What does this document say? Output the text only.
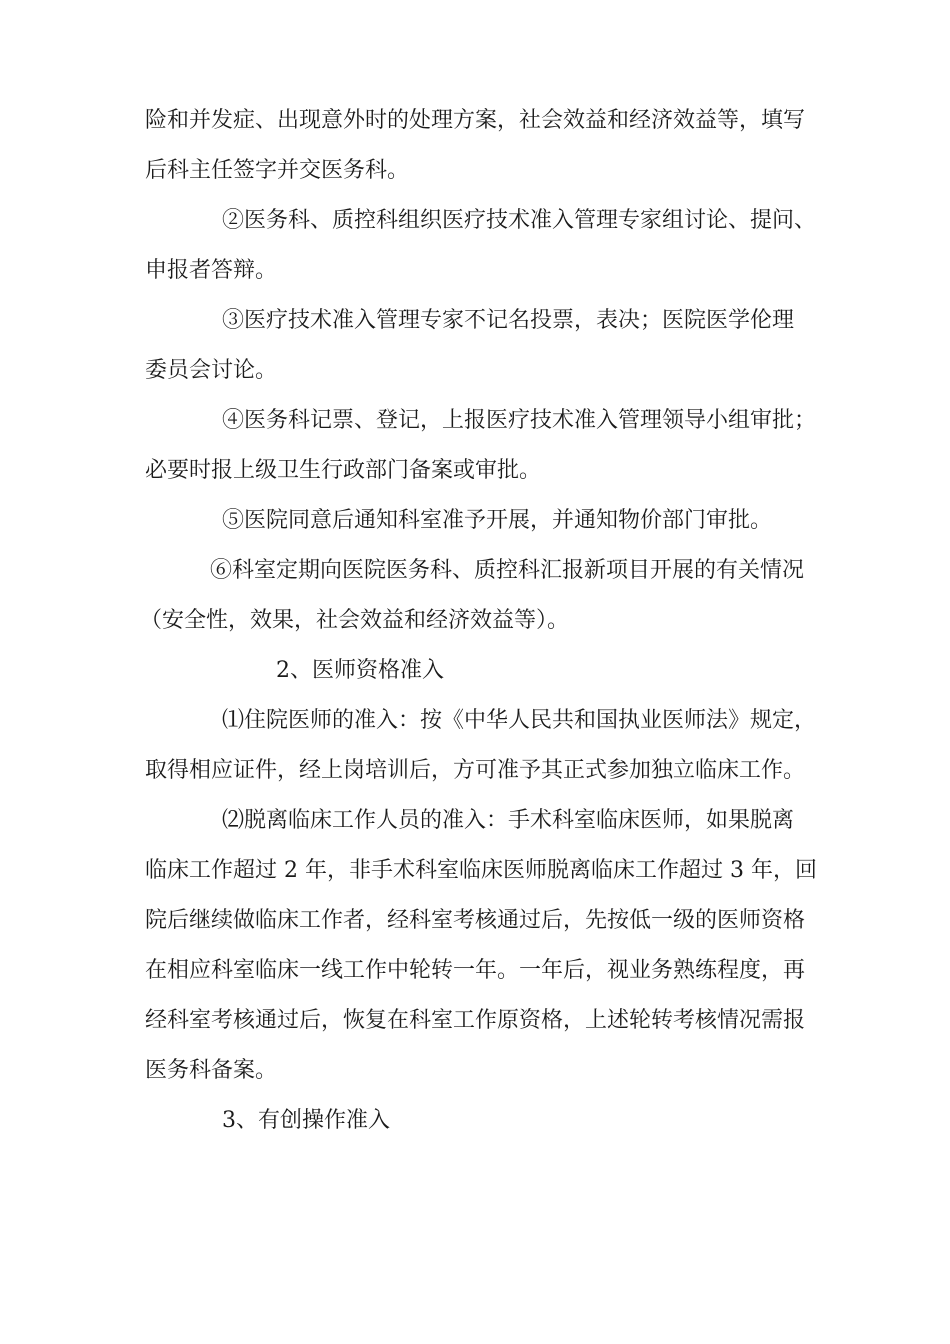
险和并发症、出现意外时的处理方案，社会效益和经济效益等，填写
后科主任签字并交医务科。
②医务科、质控科组织医疗技术准入管理专家组讨论、提问、
申报者答辩。
③医疗技术准入管理专家不记名投票，表决；医院医学伦理
委员会讨论。
④医务科记票、登记，上报医疗技术准入管理领导小组审批；
必要时报上级卫生行政部门备案或审批。
⑤医院同意后通知科室准予开展，并通知物价部门审批。
⑥科室定期向医院医务科、质控科汇报新项目开展的有关情况
（安全性，效果，社会效益和经济效益等）。
2、医师资格准入
⑴住院医师的准入：按《中华人民共和国执业医师法》规定，
取得相应证件，经上岗培训后，方可准予其正式参加独立临床工作。
⑵脱离临床工作人员的准入：手术科室临床医师，如果脱离
临床工作超过 2 年，非手术科室临床医师脱离临床工作超过 3 年，回
院后继续做临床工作者，经科室考核通过后，先按低一级的医师资格
在相应科室临床一线工作中轮转一年。一年后，视业务熟练程度，再
经科室考核通过后，恢复在科室工作原资格，上述轮转考核情况需报
医务科备案。
3、有创操作准入
